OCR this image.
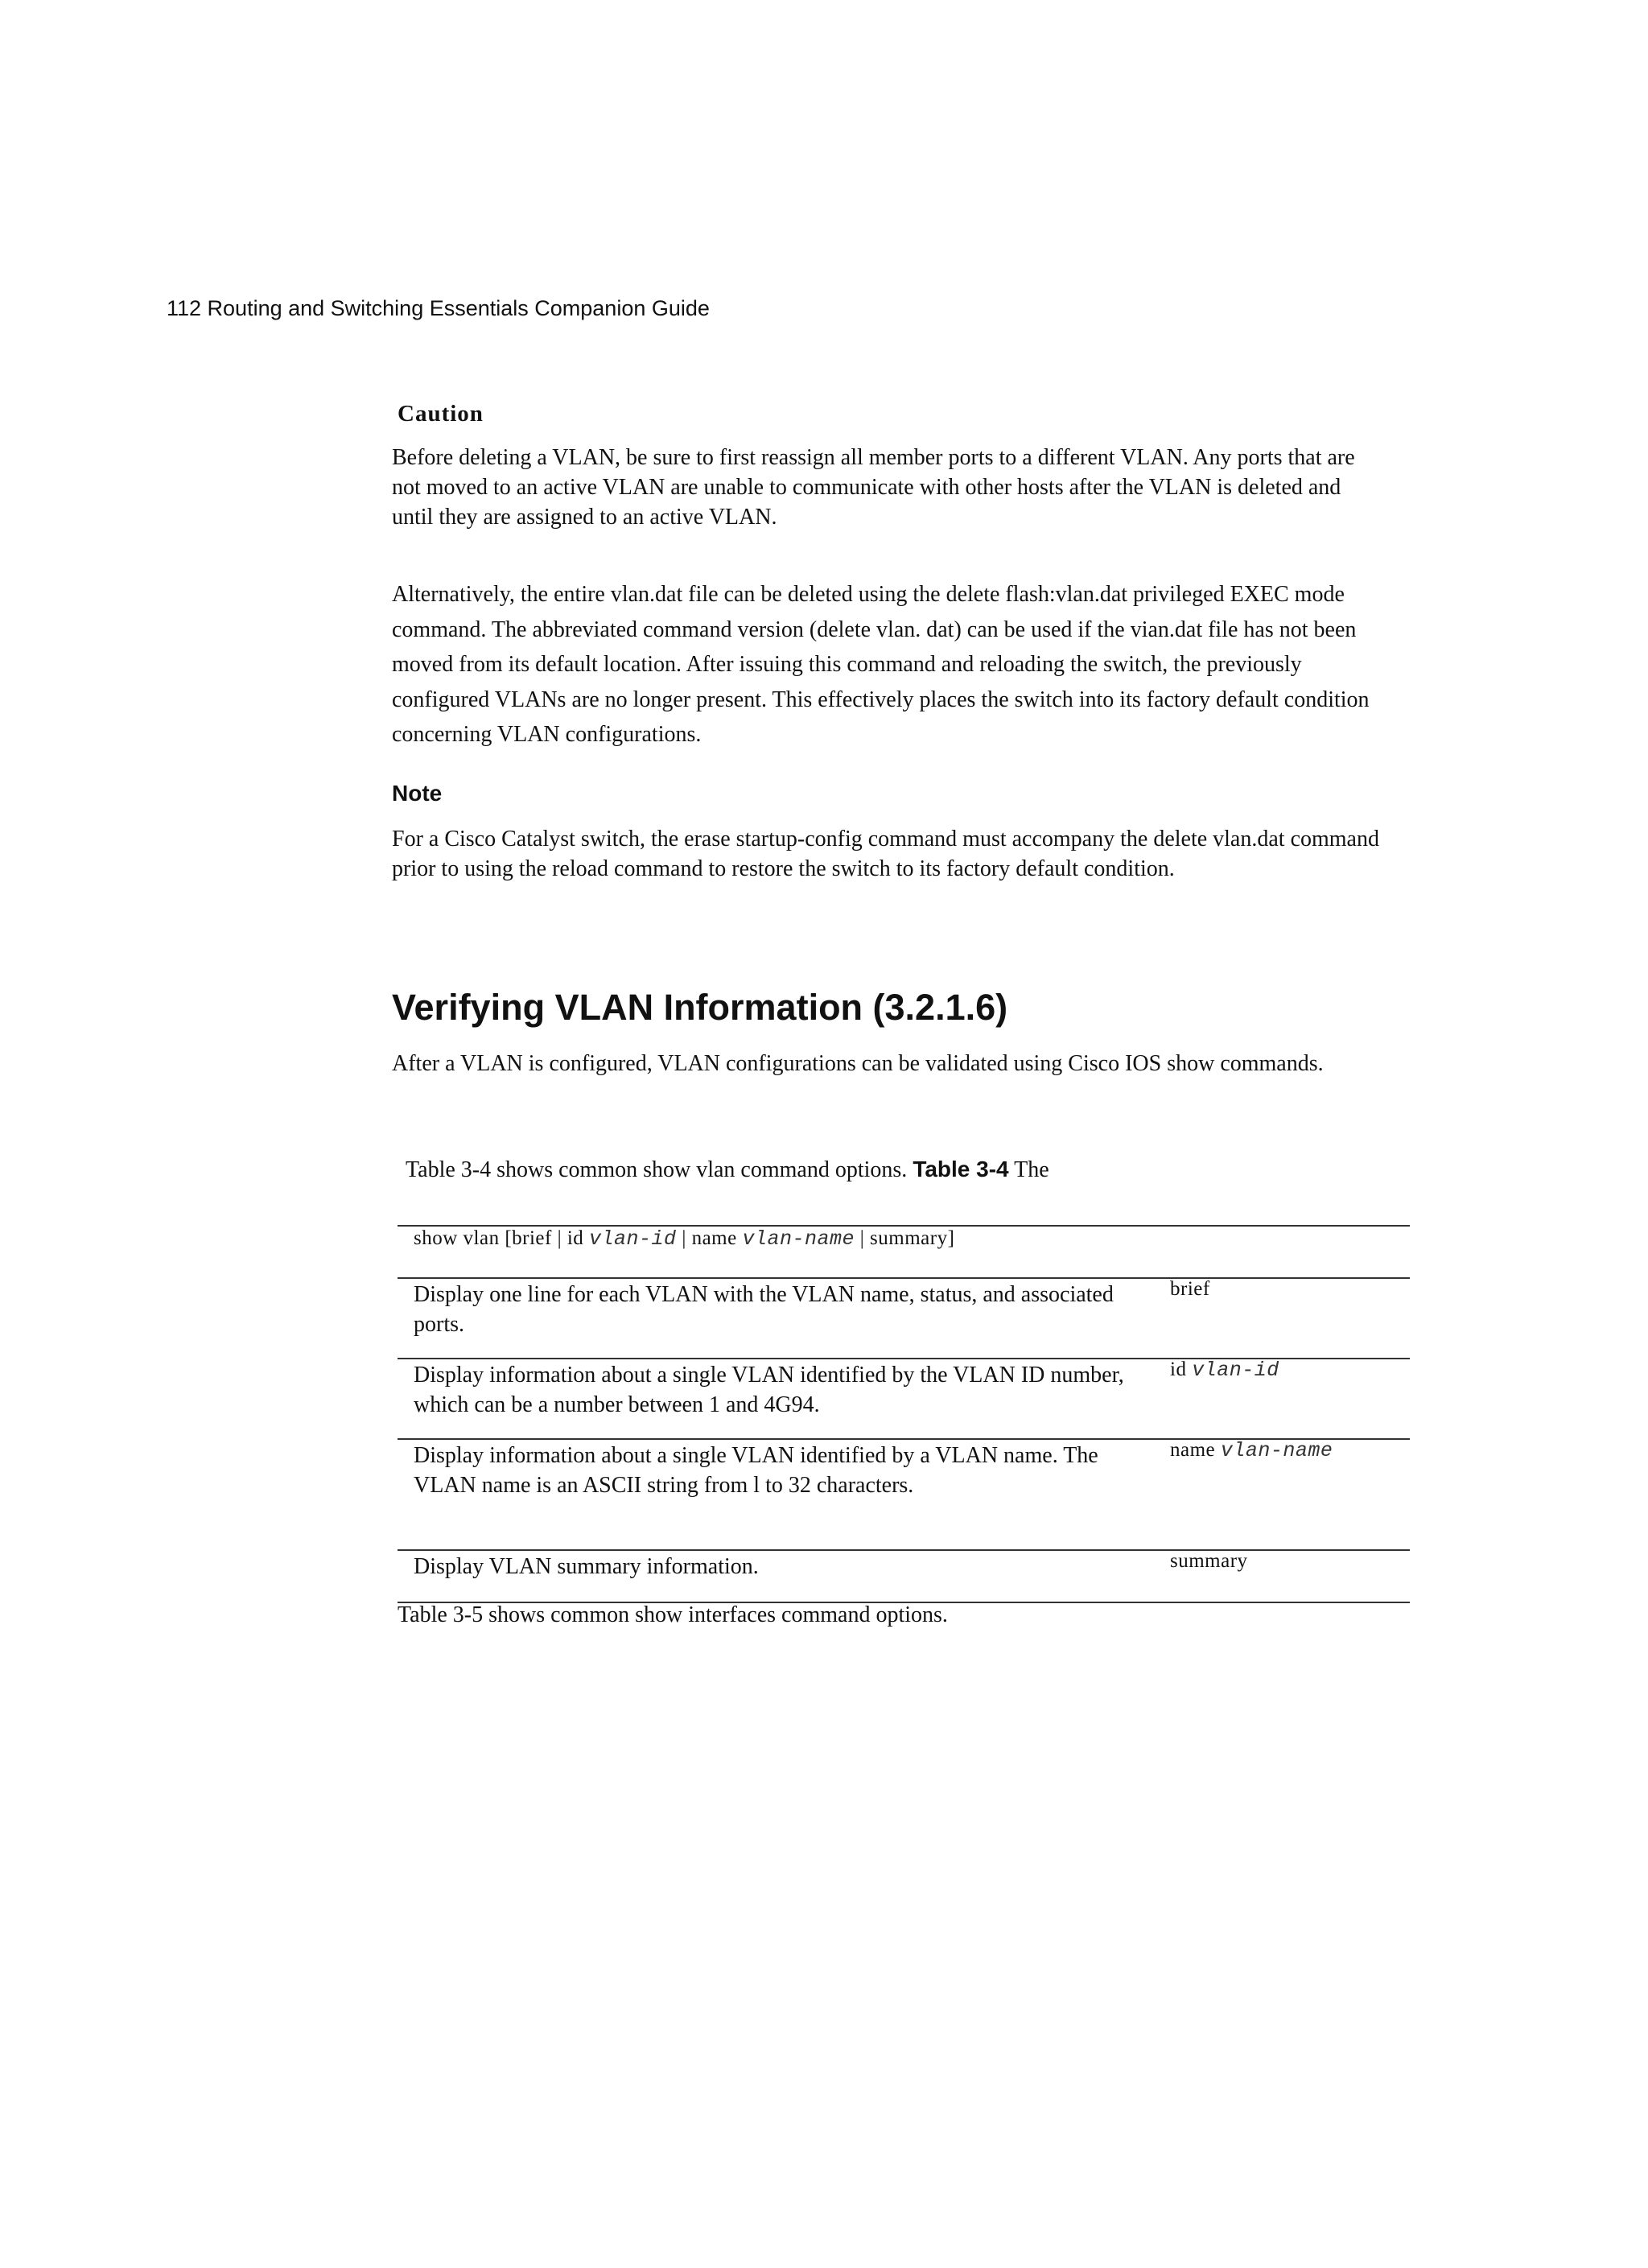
112 Routing and Switching Essentials Companion Guide
Caution
Before deleting a VLAN, be sure to first reassign all member ports to a different VLAN. Any ports that are not moved to an active VLAN are unable to communicate with other hosts after the VLAN is deleted and until they are assigned to an active VLAN.
Alternatively, the entire vlan.dat file can be deleted using the delete flash:vlan.dat privileged EXEC mode command. The abbreviated command version (delete vlan. dat) can be used if the vian.dat file has not been moved from its default location. After issuing this command and reloading the switch, the previously configured VLANs are no longer present. This effectively places the switch into its factory default condition concerning VLAN configurations.
Note
For a Cisco Catalyst switch, the erase startup-config command must accompany the delete vlan.dat command prior to using the reload command to restore the switch to its factory default condition.
Verifying VLAN Information (3.2.1.6)
After a VLAN is configured, VLAN configurations can be validated using Cisco IOS show commands.
Table 3-4 shows common show vlan command options. Table 3-4 The
show vlan [brief | id vlan-id | name vlan-name | summary]
Display one line for each VLAN with the VLAN name, status, and associated ports.
brief
Display information about a single VLAN identified by the VLAN ID number, which can be a number between 1 and 4G94.
id vlan-id
Display information about a single VLAN identified by a VLAN name. The VLAN name is an ASCII string from l to 32 characters.
name vlan-name
Display VLAN summary information.	summary
Table 3-5 shows common show interfaces command options.
